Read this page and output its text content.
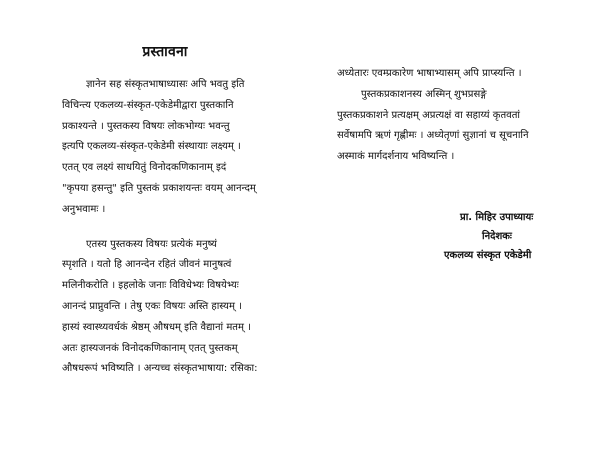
प्रस्तावना

ज्ञानेन सह संस्कृतभाषाध्यासः अपि भवतु इति
विचिन्त्य एकलव्य-संस्कृत-एकेडेमीद्वारा पुस्तकानि
प्रकाश्यन्ते । पुस्तकस्य विषयः लोकभोग्यः भवन्तु
इत्यपि एकलव्य-संस्कृत-एकेडेमी संस्थायाः लक्ष्यम् ।
एतत् एव लक्ष्यं साधयितुं विनोदकणिकानाम् इदं
"कृपया हसन्तु" इति पुस्तकं प्रकाशयन्तः वयम् आनन्दम्
अनुभवामः ।

एतस्य पुस्तकस्य विषयः प्रत्येकं मनुष्यं
स्पृशति । यतो हि आनन्देन रहितं जीवनं मानुषत्वं
मलिनीकरोति । इहलोके जनाः विविधेभ्यः विषयेभ्यः
आनन्दं प्राप्नुवन्ति । तेषु एकः विषयः अस्ति हास्यम् ।
हास्यं स्वास्थ्यवर्धकं श्रेष्ठम् औषधम् इति वैद्यानां मतम् ।
अतः हास्यजनकं विनोदकणिकानाम् एतत् पुस्तकम्
औषधरूपं भविष्यति । अन्यच्च संस्कृतभाषाया: रसिका:

अध्येतारः एवम्प्रकारेण भाषाभ्यासम् अपि प्राप्स्यन्ति ।

पुस्तकप्रकाशनस्य अस्मिन् शुभप्रसङ्गे
पुस्तकप्रकाशने प्रत्यक्षम् अप्रत्यक्षं वा सहाय्यं कृतवतां
सर्वेषामपि ऋणं गृह्णीमः । अध्येतृणां सुज्ञानां च सूचनानि
अस्माकं मार्गदर्शनाय भविष्यन्ति ।

प्रा. मिहिर उपाध्यायः
निदेशकः
एकलव्य संस्कृत एकेडेमी
